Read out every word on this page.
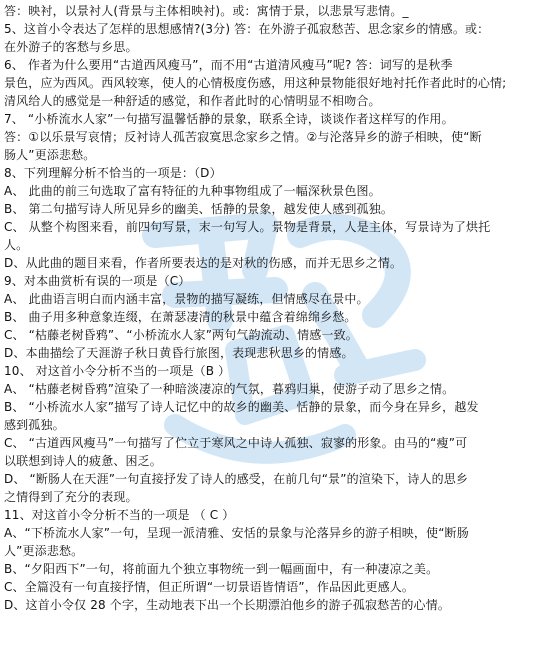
答：映衬，以景衬人(背景与主体相映衬)。或：寓情于景，以悲景写悲情。_
5、这首小令表达了怎样的思想感情?(3分) 答：在外游子孤寂愁苦、思念家乡的情感。或：
在外游子的客愁与乡思。
6、 作者为什么要用“古道西风瘦马”，而不用“古道清风瘦马”呢? 答：词写的是秋季
景色，应为西风。西风较寒，使人的心情极度伤感，用这种景物能很好地衬托作者此时的心情;
清风给人的感觉是一种舒适的感觉，和作者此时的心情明显不相吻合。
7、 “小桥流水人家”一句描写温馨恬静的景象，联系全诗，谈谈作者这样写的作用。
答：①以乐景写哀情；反衬诗人孤苦寂寞思念家乡之情。②与沦落异乡的游子相映，使“断
肠人”更添悲愁。
8、下列理解分析不恰当的一项是：（D）
A、 此曲的前三句选取了富有特征的九种事物组成了一幅深秋景色图。
B、 第二句描写诗人所见异乡的幽美、恬静的景象，越发使人感到孤独。
C、 从整个构图来看，前四句写景，末一句写人。景物是背景，人是主体，写景诗为了烘托
人。
D、从此曲的题目来看，作者所要表达的是对秋的伤感，而并无思乡之情。
9、对本曲赏析有误的一项是（C）
A、 此曲语言明白而内涵丰富，景物的描写凝练，但情感尽在景中。
B、 曲子用多种意象连缀，在萧瑟凄清的秋景中蕴含着绵绵乡愁。
C、 “枯藤老树昏鸦”、“小桥流水人家”两句气韵流动、情感一致。
D、本曲描绘了天涯游子秋日黄昏行旅图，表现悲秋思乡的情感。
10、 对这首小令分析不当的一项是（B ）
A、 “枯藤老树昏鸦”渲染了一种暗淡凄凉的气氛，暮鸦归巢，使游子动了思乡之情。
B、 “小桥流水人家”描写了诗人记忆中的故乡的幽美、恬静的景象，而今身在异乡，越发
感到孤独。
C、 “古道西风瘦马”一句描写了伫立于寒风之中诗人孤独、寂寥的形象。由马的“瘦”可
以联想到诗人的疲惫、困乏。
D、 “断肠人在天涯”一句直接抒发了诗人的感受，在前几句“景”的渲染下，诗人的思乡
之情得到了充分的表现。
11、对这首小令分析不当的一项是 （ C ）
A、“下桥流水人家”一句，呈现一派清雅、安恬的景象与沦落异乡的游子相映，使“断肠
人”更添悲愁。
B、“夕阳西下”一句，将前面九个独立事物统一到一幅画面中，有一种凄凉之美。
C、全篇没有一句直接抒情，但正所谓“一切景语皆情语”，作品因此更感人。
D、这首小令仅 28 个字，生动地表下出一个长期漂泊他乡的游子孤寂愁苦的心情。
